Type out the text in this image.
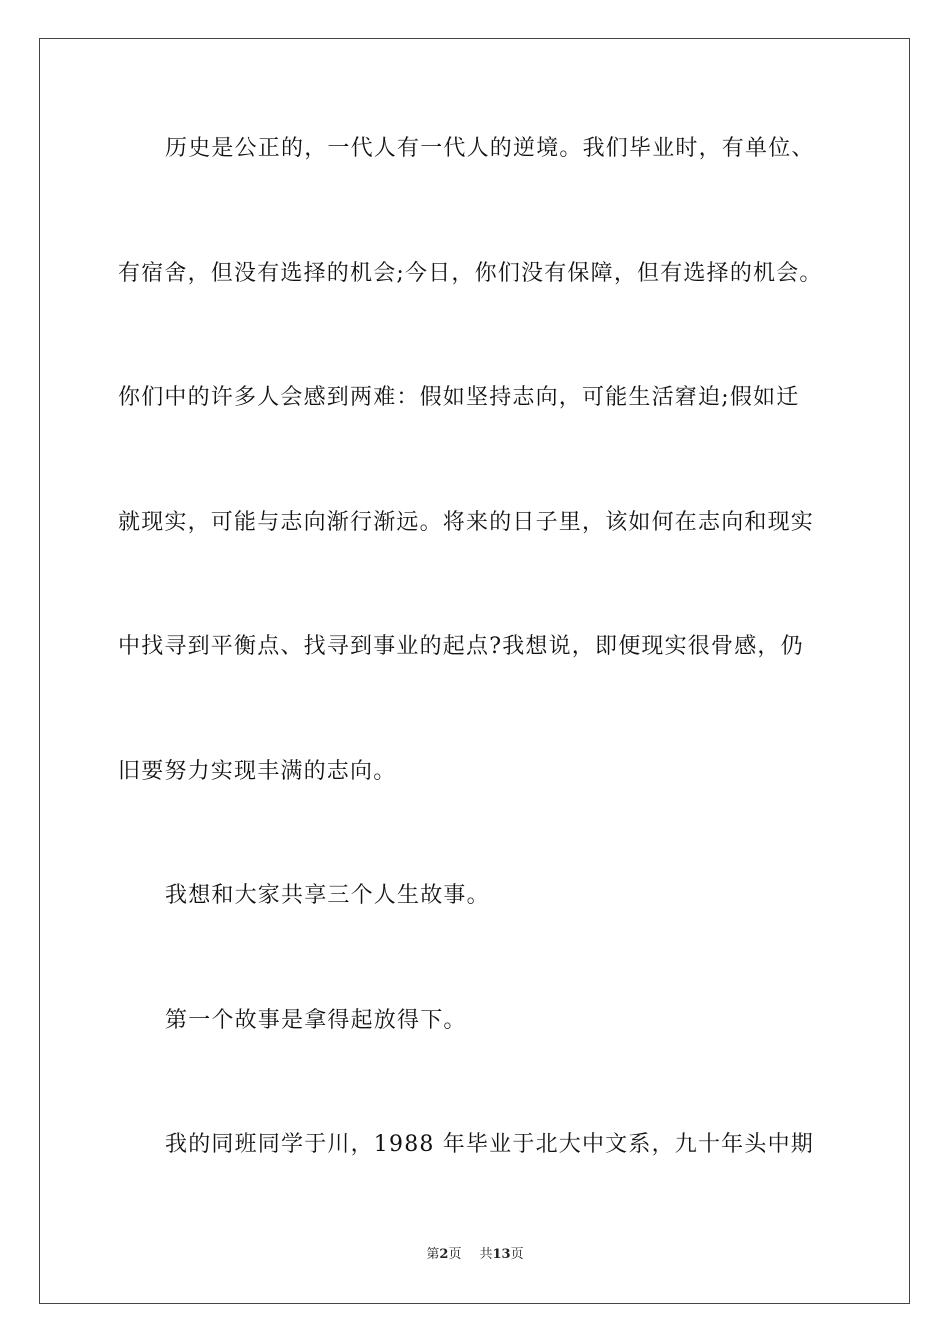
历史是公正的，一代人有一代人的逆境。我们毕业时，有单位、
有宿舍，但没有选择的机会;今日，你们没有保障，但有选择的机会。
你们中的许多人会感到两难：假如坚持志向，可能生活窘迫;假如迁
就现实，可能与志向渐行渐远。将来的日子里，该如何在志向和现实
中找寻到平衡点、找寻到事业的起点?我想说，即便现实很骨感，仍
旧要努力实现丰满的志向。
我想和大家共享三个人生故事。
第一个故事是拿得起放得下。
我的同班同学于川，1988 年毕业于北大中文系，九十年头中期
第2页 共13页
